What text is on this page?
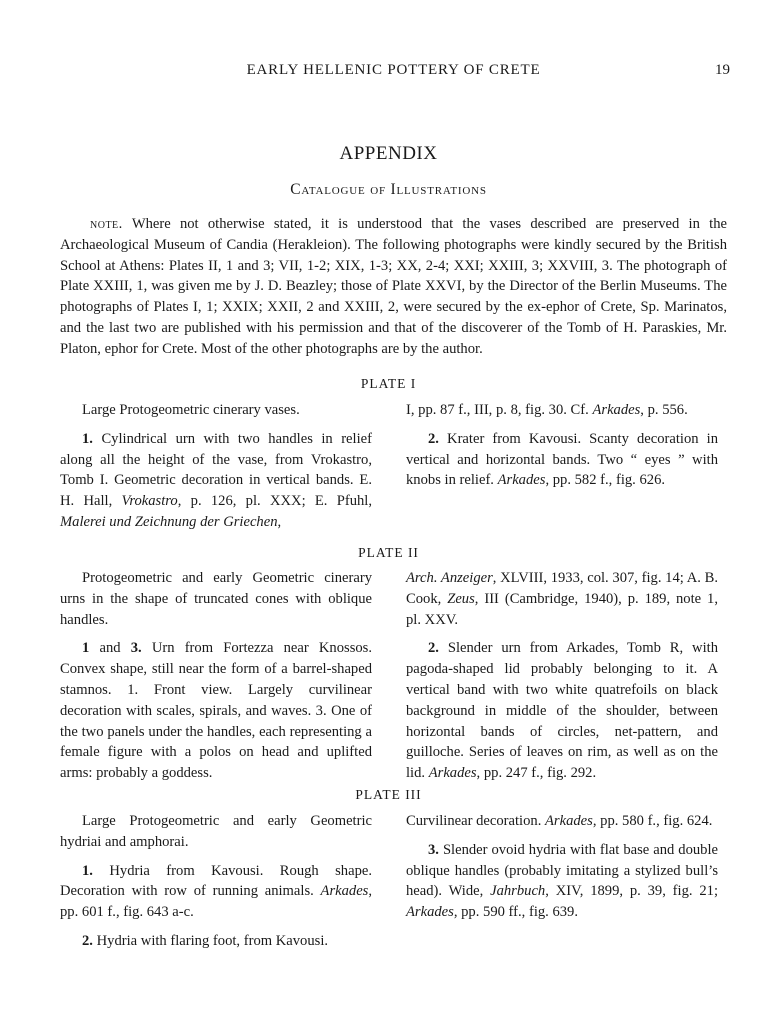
EARLY HELLENIC POTTERY OF CRETE	19
APPENDIX
Catalogue of Illustrations

note. Where not otherwise stated, it is understood that the vases described are preserved in the Archaeological Museum of Candia (Herakleion). The following photographs were kindly secured by the British School at Athens: Plates II, 1 and 3; VII, 1-2; XIX, 1-3; XX, 2-4; XXI; XXIII, 3; XXVIII, 3. The photograph of Plate XXIII, 1, was given me by J. D. Beazley; those of Plate XXVI, by the Director of the Berlin Museums. The photographs of Plates I, 1; XXIX; XXII, 2 and XXIII, 2, were secured by the ex-ephor of Crete, Sp. Marinatos, and the last two are published with his permission and that of the discoverer of the Tomb of H. Paraskies, Mr. Platon, ephor for Crete. Most of the other photographs are by the author.

PLATE I

Large Protogeometric cinerary vases.

1. Cylindrical urn with two handles in relief along all the height of the vase, from Vrokastro, Tomb I. Geometric decoration in vertical bands. E. H. Hall, Vrokastro, p. 126, pl. XXX; E. Pfuhl, Malerei und Zeichnung der Griechen,

I, pp. 87 f., III, p. 8, fig. 30. Cf. Arkades, p. 556.

2. Krater from Kavousi. Scanty decoration in vertical and horizontal bands. Two “ eyes ” with knobs in relief. Arkades, pp. 582 f., fig. 626.

PLATE II

Protogeometric and early Geometric cinerary urns in the shape of truncated cones with oblique handles.

1 and 3. Urn from Fortezza near Knossos. Convex shape, still near the form of a barrel-shaped stamnos. 1. Front view. Largely curvilinear decoration with scales, spirals, and waves. 3. One of the two panels under the handles, each representing a female figure with a polos on head and uplifted arms: probably a goddess.

Arch. Anzeiger, XLVIII, 1933, col. 307, fig. 14; A. B. Cook, Zeus, III (Cambridge, 1940), p. 189, note 1, pl. XXV.

2. Slender urn from Arkades, Tomb R, with pagoda-shaped lid probably belonging to it. A vertical band with two white quatrefoils on black background in middle of the shoulder, between horizontal bands of circles, net-pattern, and guilloche. Series of leaves on rim, as well as on the lid. Arkades, pp. 247 f., fig. 292.

PLATE III

Large Protogeometric and early Geometric hydriai and amphorai.

1. Hydria from Kavousi. Rough shape. Decoration with row of running animals. Arkades, pp. 601 f., fig. 643 a-c.

2. Hydria with flaring foot, from Kavousi.

Curvilinear decoration. Arkades, pp. 580 f., fig. 624.

3. Slender ovoid hydria with flat base and double oblique handles (probably imitating a stylized bull’s head). Wide, Jahrbuch, XIV, 1899, p. 39, fig. 21; Arkades, pp. 590 ff., fig. 639.
